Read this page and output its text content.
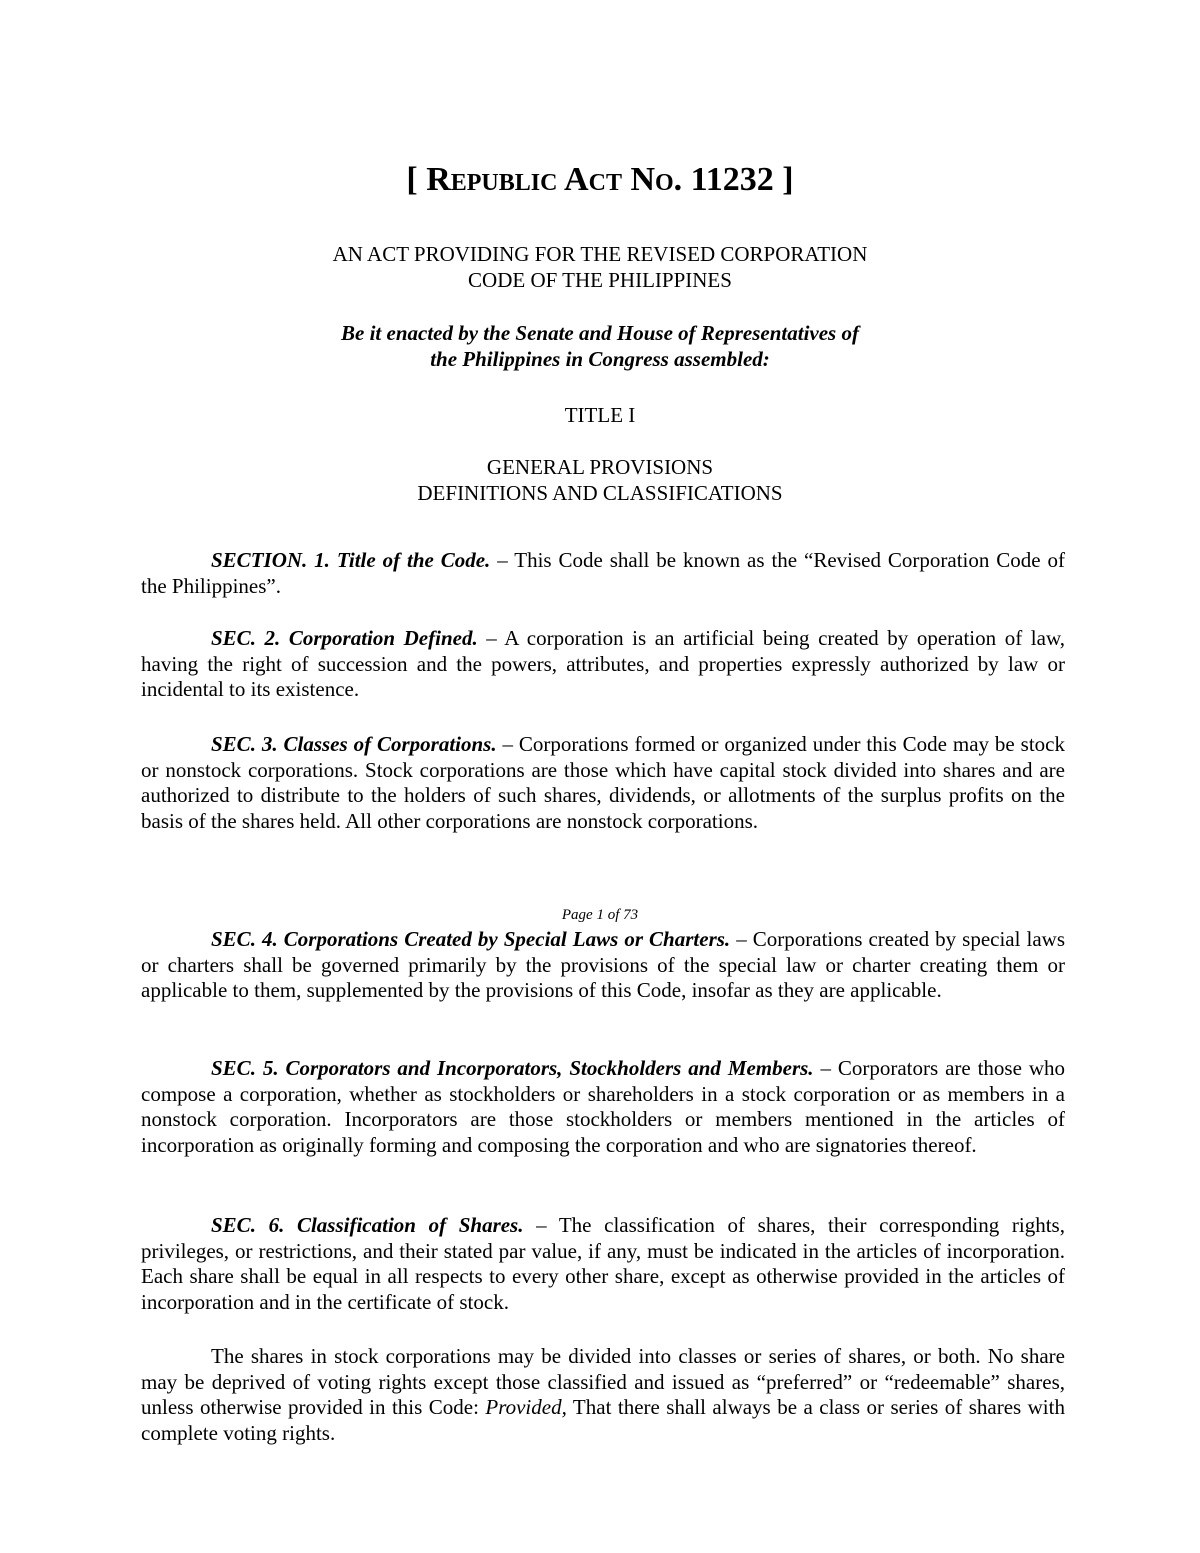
[ Republic Act No. 11232 ]
AN ACT PROVIDING FOR THE REVISED CORPORATION
CODE OF THE PHILIPPINES
Be it enacted by the Senate and House of Representatives of
the Philippines in Congress assembled:
TITLE I
GENERAL PROVISIONS
DEFINITIONS AND CLASSIFICATIONS

SECTION. 1. Title of the Code. – This Code shall be known as the “Revised Corporation Code of the Philippines”.

SEC. 2. Corporation Defined. – A corporation is an artificial being created by operation of law, having the right of succession and the powers, attributes, and properties expressly authorized by law or incidental to its existence.

SEC. 3. Classes of Corporations. – Corporations formed or organized under this Code may be stock or nonstock corporations. Stock corporations are those which have capital stock divided into shares and are authorized to distribute to the holders of such shares, dividends, or allotments of the surplus profits on the basis of the shares held. All other corporations are nonstock corporations.

Page 1 of 73

SEC. 4. Corporations Created by Special Laws or Charters. – Corporations created by special laws or charters shall be governed primarily by the provisions of the special law or charter creating them or applicable to them, supplemented by the provisions of this Code, insofar as they are applicable.

SEC. 5. Corporators and Incorporators, Stockholders and Members. – Corporators are those who compose a corporation, whether as stockholders or shareholders in a stock corporation or as members in a nonstock corporation. Incorporators are those stockholders or members mentioned in the articles of incorporation as originally forming and composing the corporation and who are signatories thereof.

SEC. 6. Classification of Shares. – The classification of shares, their corresponding rights, privileges, or restrictions, and their stated par value, if any, must be indicated in the articles of incorporation. Each share shall be equal in all respects to every other share, except as otherwise provided in the articles of incorporation and in the certificate of stock.

The shares in stock corporations may be divided into classes or series of shares, or both. No share may be deprived of voting rights except those classified and issued as “preferred” or “redeemable” shares, unless otherwise provided in this Code: Provided, That there shall always be a class or series of shares with complete voting rights.
